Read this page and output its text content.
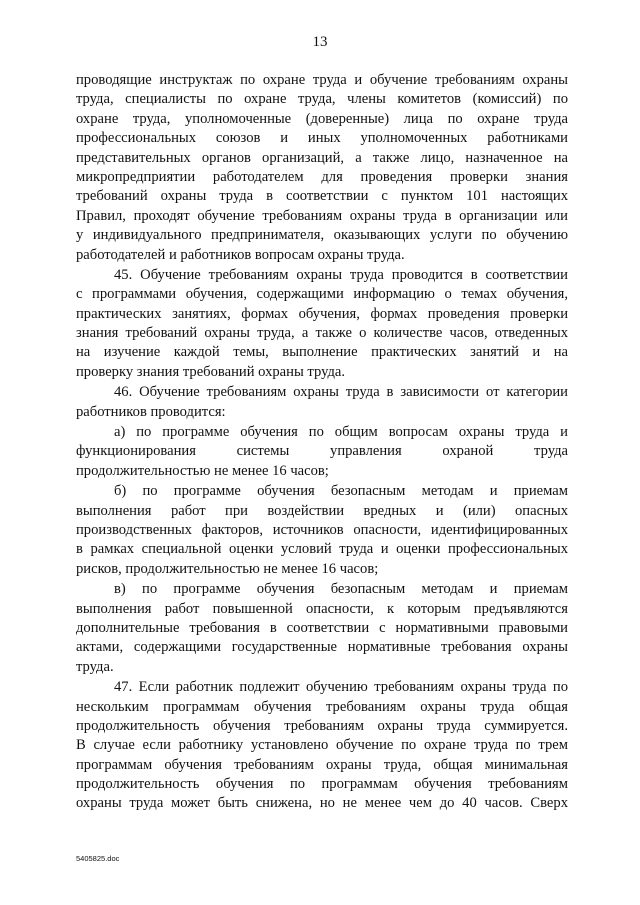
13
проводящие инструктаж по охране труда и обучение требованиям охраны
труда, специалисты по охране труда, члены комитетов (комиссий) по
охране труда, уполномоченные (доверенные) лица по охране труда
профессиональных союзов и иных уполномоченных работниками
представительных органов организаций, а также лицо, назначенное на
микропредприятии работодателем для проведения проверки знания
требований охраны труда в соответствии с пунктом 101 настоящих
Правил, проходят обучение требованиям охраны труда в организации или
у индивидуального предпринимателя, оказывающих услуги по обучению
работодателей и работников вопросам охраны труда.
45. Обучение требованиям охраны труда проводится в соответствии
с программами обучения, содержащими информацию о темах обучения,
практических занятиях, формах обучения, формах проведения проверки
знания требований охраны труда, а также о количестве часов, отведенных
на изучение каждой темы, выполнение практических занятий и на
проверку знания требований охраны труда.
46. Обучение требованиям охраны труда в зависимости от категории
работников проводится:
а) по программе обучения по общим вопросам охраны труда и
функционирования системы управления охраной труда
продолжительностью не менее 16 часов;
б) по программе обучения безопасным методам и приемам
выполнения работ при воздействии вредных и (или) опасных
производственных факторов, источников опасности, идентифицированных
в рамках специальной оценки условий труда и оценки профессиональных
рисков, продолжительностью не менее 16 часов;
в) по программе обучения безопасным методам и приемам
выполнения работ повышенной опасности, к которым предъявляются
дополнительные требования в соответствии с нормативными правовыми
актами, содержащими государственные нормативные требования охраны
труда.
47. Если работник подлежит обучению требованиям охраны труда по
нескольким программам обучения требованиям охраны труда общая
продолжительность обучения требованиям охраны труда суммируется.
В случае если работнику установлено обучение по охране труда по трем
программам обучения требованиям охраны труда, общая минимальная
продолжительность обучения по программам обучения требованиям
охраны труда может быть снижена, но не менее чем до 40 часов. Сверх
5405825.doc
